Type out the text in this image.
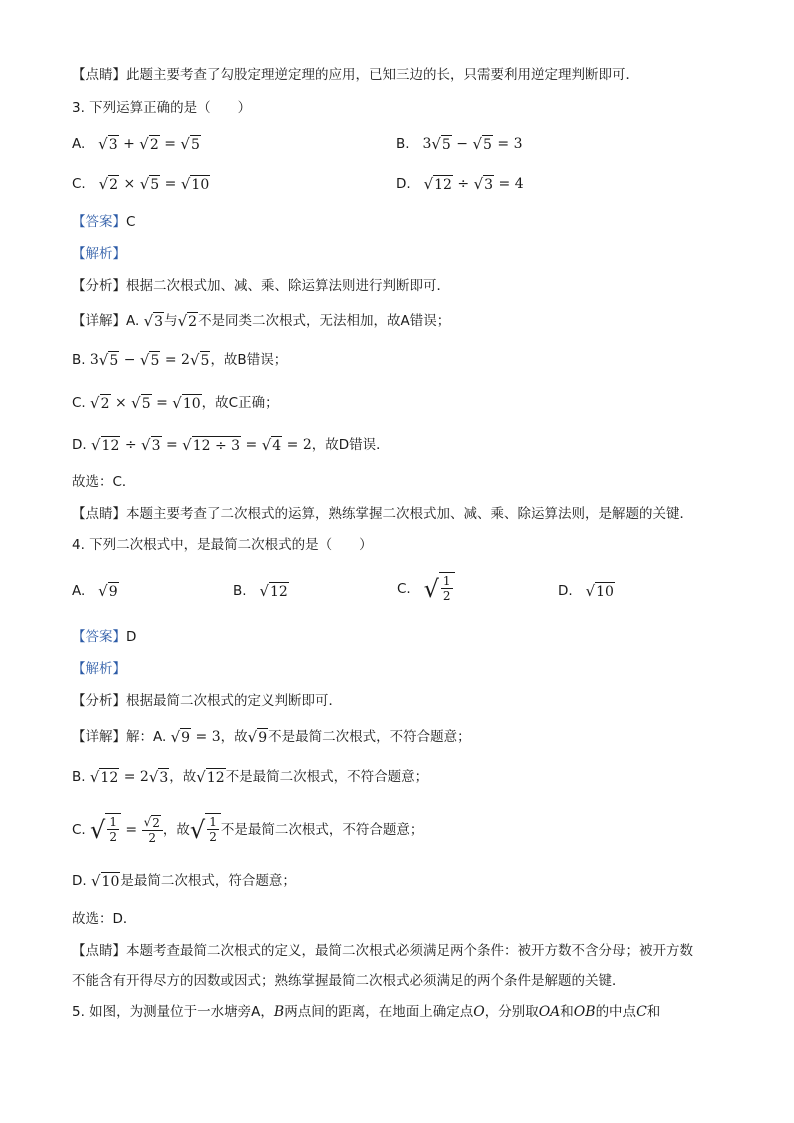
【点睛】此题主要考查了勾股定理逆定理的应用，已知三边的长，只需要利用逆定理判断即可．
3. 下列运算正确的是（　　）
A. √ 3 + √ 2 = √ 5	B. 3 √ 5 − √ 5 = 3
C. √ 2 × √ 5 = √ 10	D. √ 12 ÷ √ 3 = 4
【答案】C
【解析】
【分析】根据二次根式加、减、乘、除运算法则进行判断即可．
【详解】A. √ 3 与 √ 2 不是同类二次根式，无法相加，故A错误；
B. 3 √ 5 − √ 5 = 2 √ 5 ，故B错误；
C. √ 2 × √ 5 = √ 10 ，故C正确；
D. √ 12 ÷ √ 3 = √ 12 ÷ 3 = √ 4 = 2，故D错误．
故选：C．
【点睛】本题主要考查了二次根式的运算，熟练掌握二次根式加、减、乘、除运算法则，是解题的关键．
4. 下列二次根式中，是最简二次根式的是（　　）
A. √ 9	B. √ 12	C. √ $\frac{1}{2}$	D. √ 10
【答案】D
【解析】
【分析】根据最简二次根式的定义判断即可．
【详解】解：A. √ 9 = 3，故 √ 9 不是最简二次根式，不符合题意；
B. √ 12 = 2 √ 3 ，故 √ 12 不是最简二次根式，不符合题意；
C. √ $\frac{1}{2} = \frac{√ 2}{2}$ ，故 √ $\frac{1}{2}$ 不是最简二次根式，不符合题意；
D. √ 10 是最简二次根式，符合题意；
故选：D．
【点睛】本题考查最简二次根式的定义，最简二次根式必须满足两个条件：被开方数不含分母；被开方数
不能含有开得尽方的因数或因式；熟练掌握最简二次根式必须满足的两个条件是解题的关键．
5. 如图，为测量位于一水塘旁A，B两点间的距离，在地面上确定点O，分别取OA和OB的中点C和
